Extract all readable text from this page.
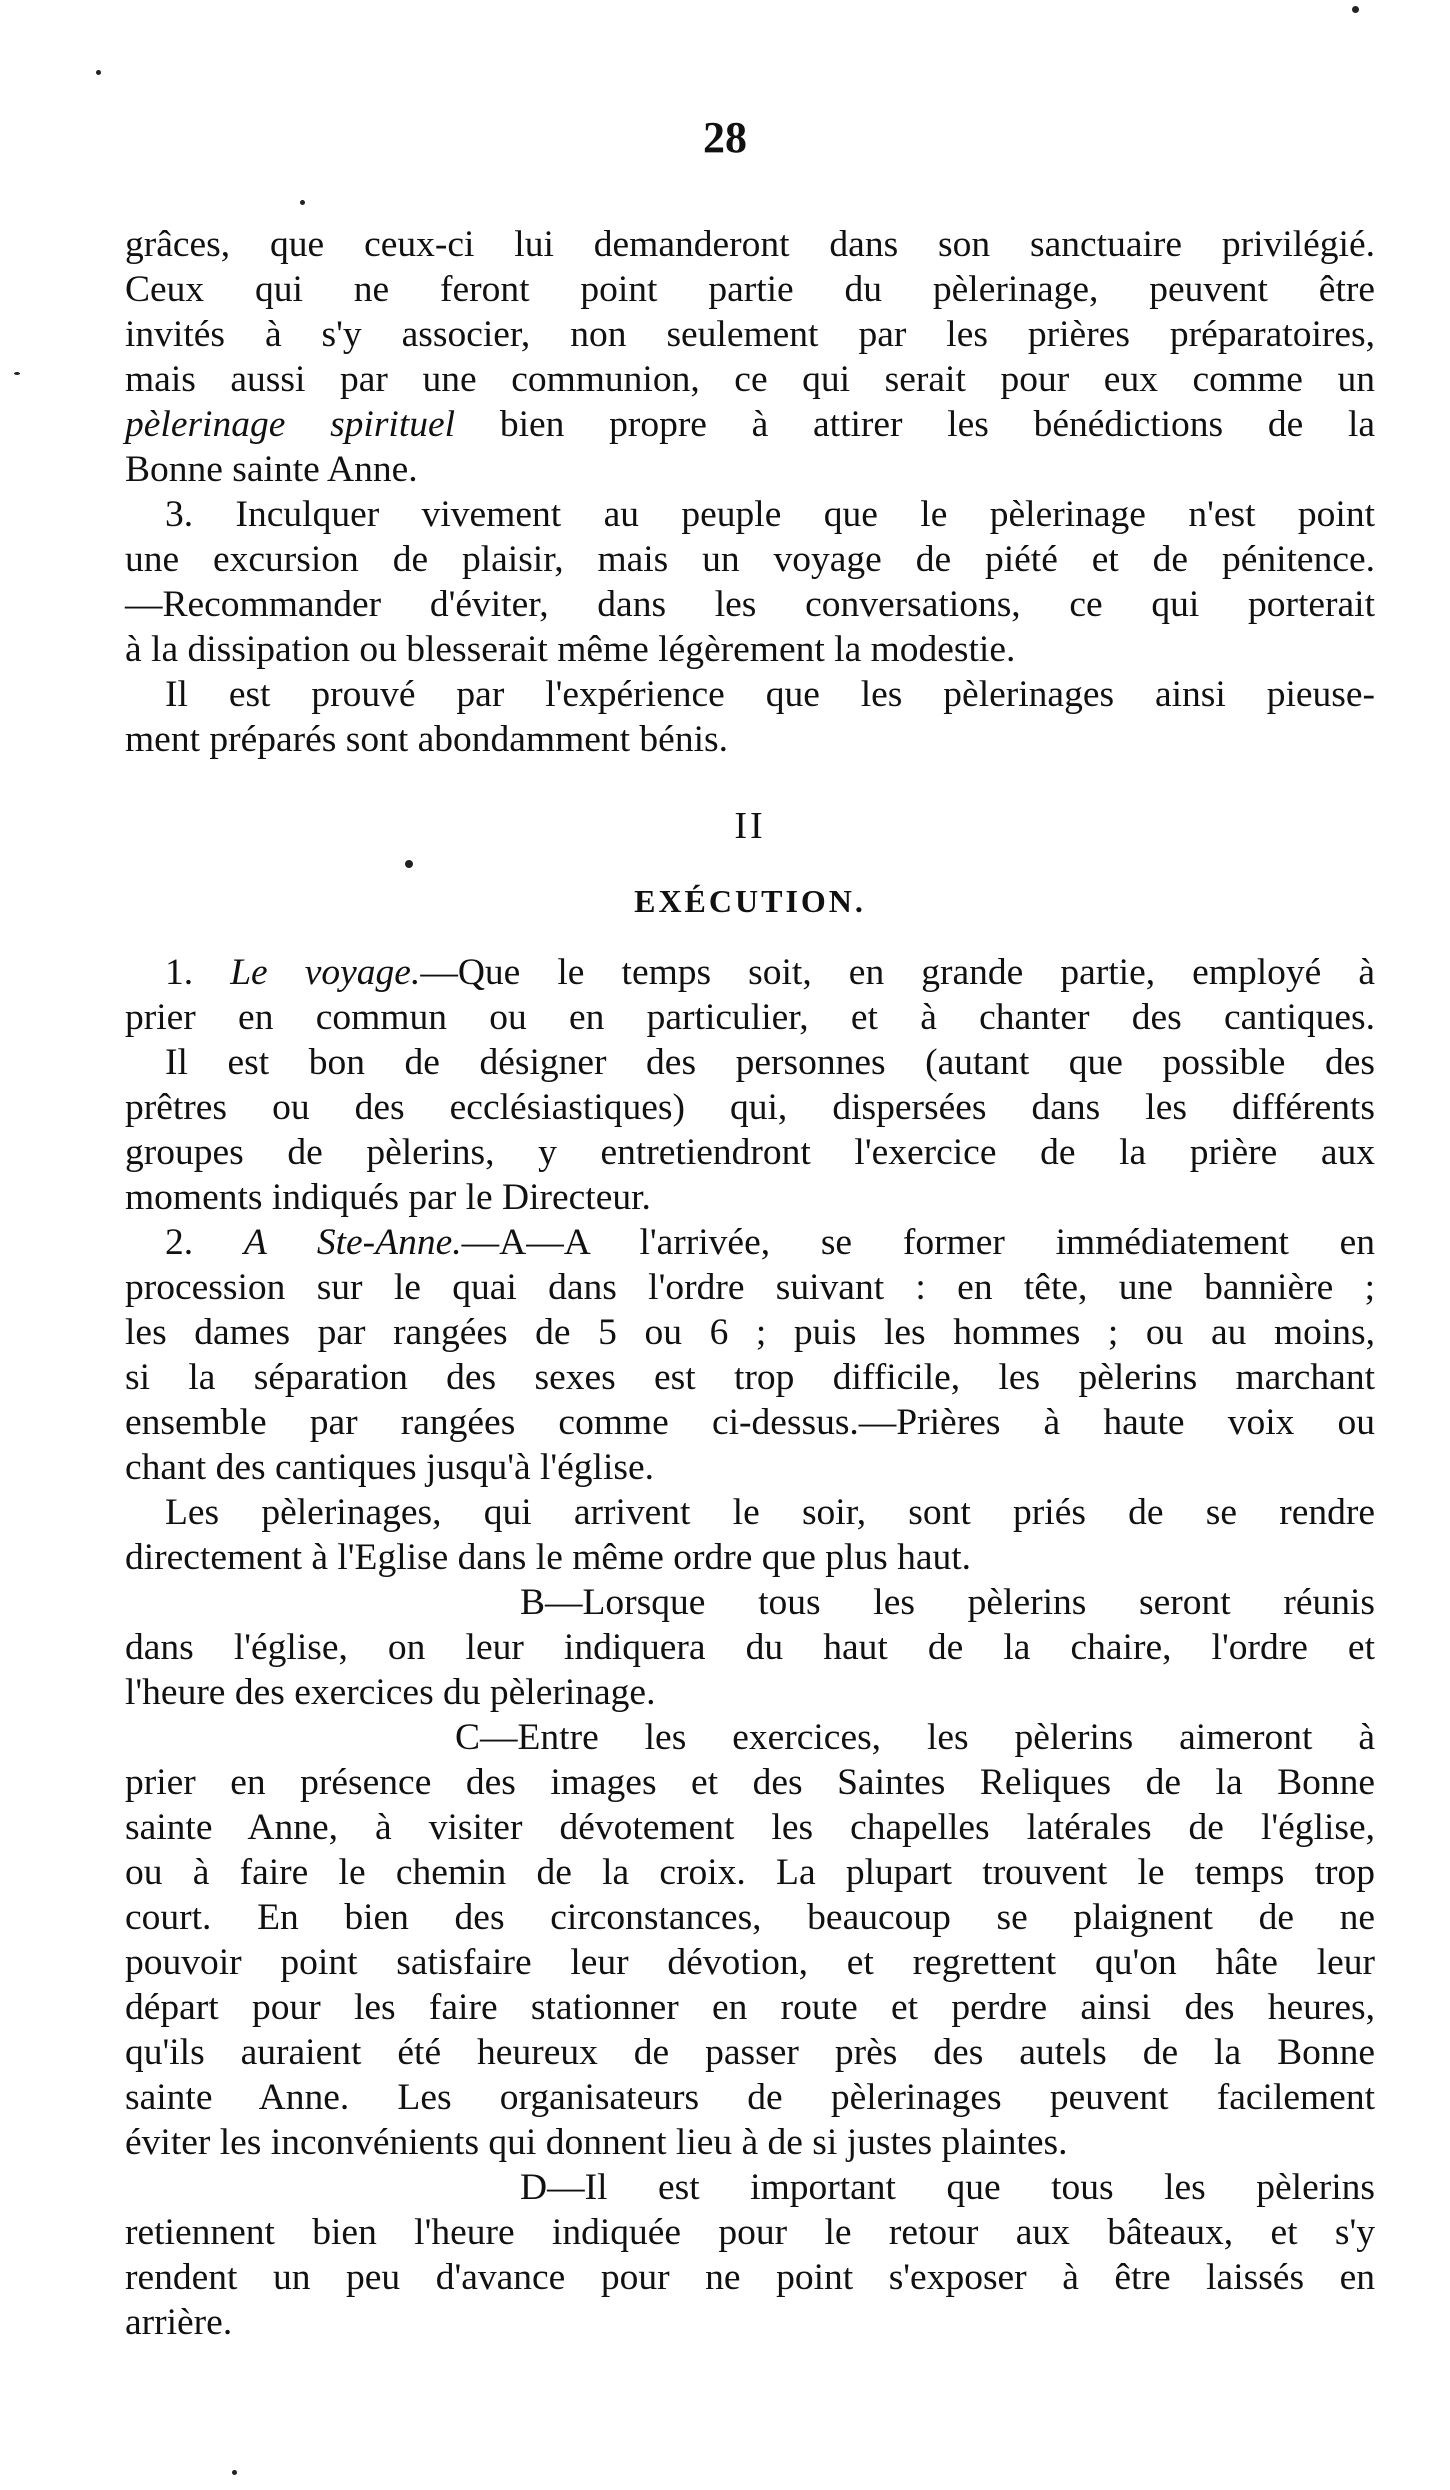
28
grâces, que ceux-ci lui demanderont dans son sanctuaire privilégié.
Ceux qui ne feront point partie du pèlerinage, peuvent être
invités à s'y associer, non seulement par les prières préparatoires,
mais aussi par une communion, ce qui serait pour eux comme un
pèlerinage spirituel bien propre à attirer les bénédictions de la
Bonne sainte Anne.
3. Inculquer vivement au peuple que le pèlerinage n'est point
une excursion de plaisir, mais un voyage de piété et de pénitence.
—Recommander d'éviter, dans les conversations, ce qui porterait
à la dissipation ou blesserait même légèrement la modestie.
Il est prouvé par l'expérience que les pèlerinages ainsi pieuse-
ment préparés sont abondamment bénis.
II
EXÉCUTION.
1. Le voyage.—Que le temps soit, en grande partie, employé à
prier en commun ou en particulier, et à chanter des cantiques.
Il est bon de désigner des personnes (autant que possible des
prêtres ou des ecclésiastiques) qui, dispersées dans les différents
groupes de pèlerins, y entretiendront l'exercice de la prière aux
moments indiqués par le Directeur.
2. A Ste-Anne.—A—A l'arrivée, se former immédiatement en
procession sur le quai dans l'ordre suivant : en tête, une bannière ;
les dames par rangées de 5 ou 6 ; puis les hommes ; ou au moins,
si la séparation des sexes est trop difficile, les pèlerins marchant
ensemble par rangées comme ci-dessus.—Prières à haute voix ou
chant des cantiques jusqu'à l'église.
Les pèlerinages, qui arrivent le soir, sont priés de se rendre
directement à l'Eglise dans le même ordre que plus haut.
B—Lorsque tous les pèlerins seront réunis
dans l'église, on leur indiquera du haut de la chaire, l'ordre et
l'heure des exercices du pèlerinage.
C—Entre les exercices, les pèlerins aimeront à
prier en présence des images et des Saintes Reliques de la Bonne
sainte Anne, à visiter dévotement les chapelles latérales de l'église,
ou à faire le chemin de la croix. La plupart trouvent le temps trop
court. En bien des circonstances, beaucoup se plaignent de ne
pouvoir point satisfaire leur dévotion, et regrettent qu'on hâte leur
départ pour les faire stationner en route et perdre ainsi des heures,
qu'ils auraient été heureux de passer près des autels de la Bonne
sainte Anne. Les organisateurs de pèlerinages peuvent facilement
éviter les inconvénients qui donnent lieu à de si justes plaintes.
D—Il est important que tous les pèlerins
retiennent bien l'heure indiquée pour le retour aux bâteaux, et s'y
rendent un peu d'avance pour ne point s'exposer à être laissés en
arrière.
